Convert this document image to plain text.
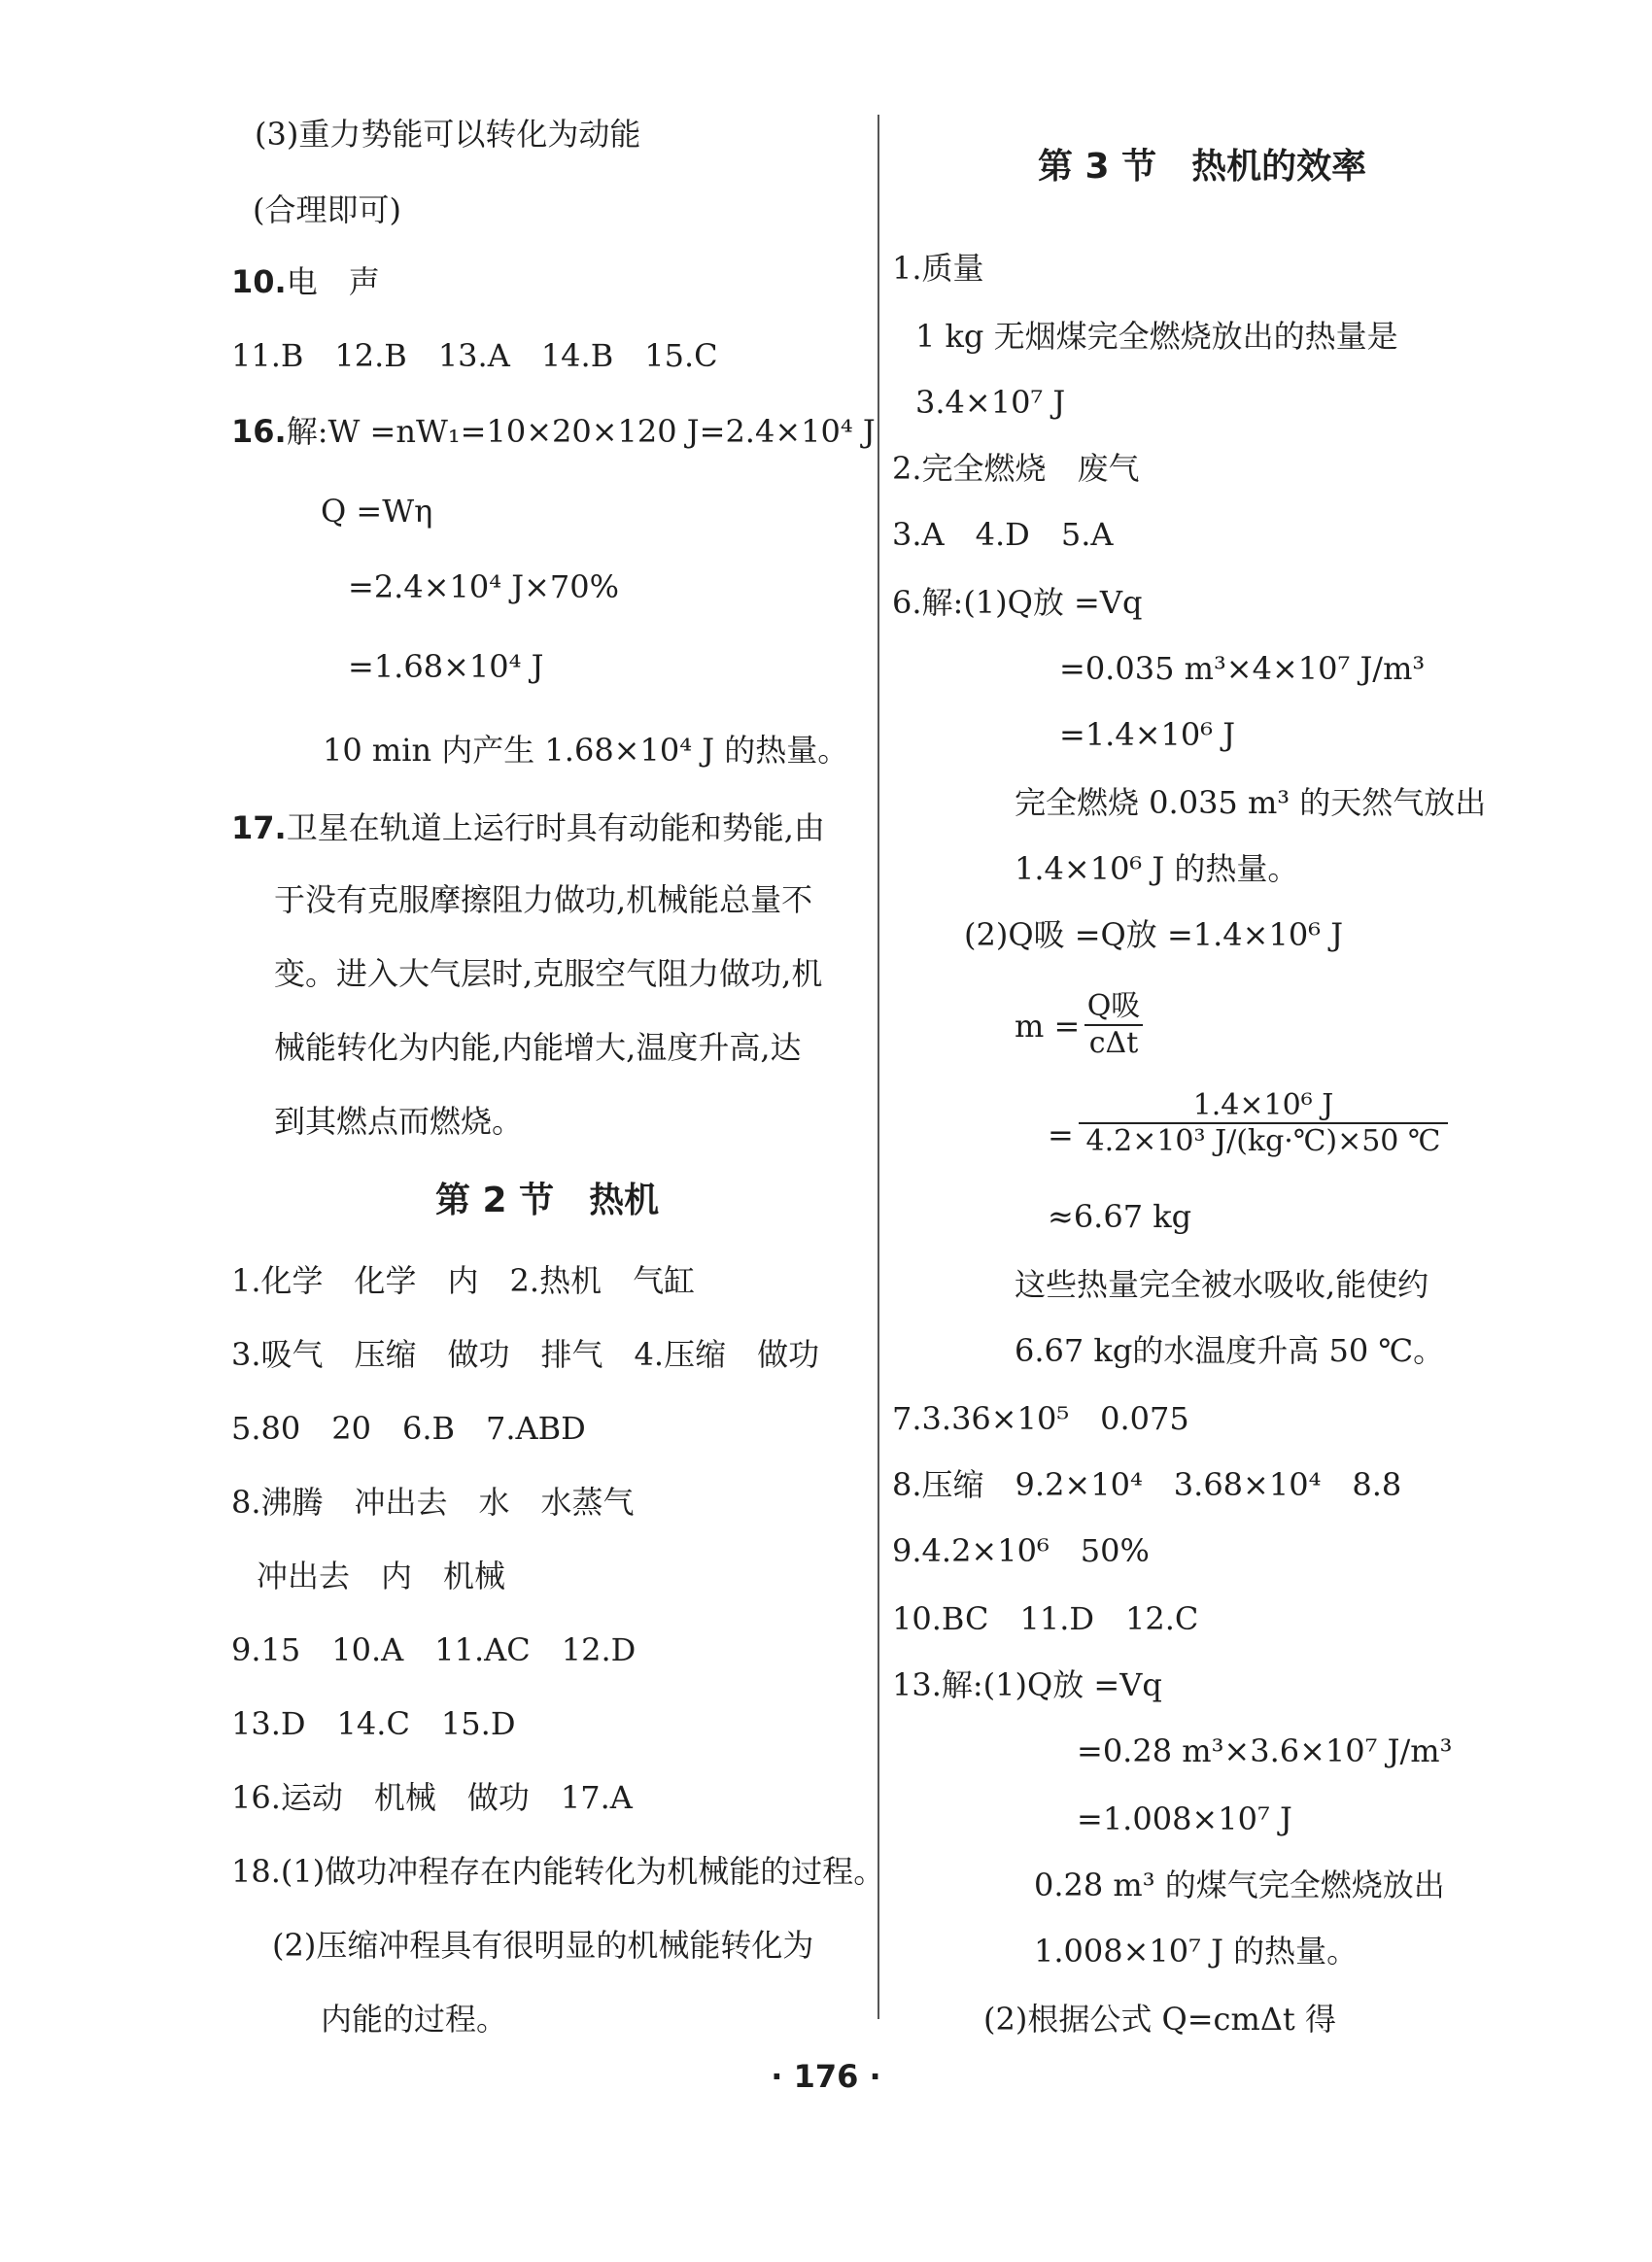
(3)重力势能可以转化为动能
(合理即可)
10.电　声
11.B　12.B　13.A　14.B　15.C
16.解:W =nW₁=10×20×120 J=2.4×10⁴ J
Q =Wη
=2.4×10⁴ J×70%
=1.68×10⁴ J
10 min 内产生 1.68×10⁴ J 的热量。
17.卫星在轨道上运行时具有动能和势能,由
于没有克服摩擦阻力做功,机械能总量不
变。进入大气层时,克服空气阻力做功,机
械能转化为内能,内能增大,温度升高,达
到其燃点而燃烧。
第 2 节　热机
1.化学　化学　内　2.热机　气缸
3.吸气　压缩　做功　排气　4.压缩　做功
5.80　20　6.B　7.ABD
8.沸腾　冲出去　水　水蒸气
冲出去　内　机械
9.15　10.A　11.AC　12.D
13.D　14.C　15.D
16.运动　机械　做功　17.A
18.(1)做功冲程存在内能转化为机械能的过程。
(2)压缩冲程具有很明显的机械能转化为
内能的过程。
第 3 节　热机的效率
1.质量
1 kg 无烟煤完全燃烧放出的热量是
3.4×10⁷ J
2.完全燃烧　废气
3.A　4.D　5.A
6.解:(1)Q放 =Vq
=0.035 m³×4×10⁷ J/m³
=1.4×10⁶ J
完全燃烧 0.035 m³ 的天然气放出
1.4×10⁶ J 的热量。
(2)Q吸 =Q放 =1.4×10⁶ J
m =
Q吸
cΔt
= $\frac{\text{1.4×10⁶ J}}{\text{4.2×10³ J/(kg·℃)×50 ℃}}$
≈6.67 kg
这些热量完全被水吸收,能使约
6.67 kg的水温度升高 50 ℃。
7.3.36×10⁵　0.075
8.压缩　9.2×10⁴　3.68×10⁴　8.8
9.4.2×10⁶　50%
10.BC　11.D　12.C
13.解:(1)Q放 =Vq
=0.28 m³×3.6×10⁷ J/m³
=1.008×10⁷ J
0.28 m³ 的煤气完全燃烧放出
1.008×10⁷ J 的热量。
(2)根据公式 Q=cmΔt 得
· 176 ·
